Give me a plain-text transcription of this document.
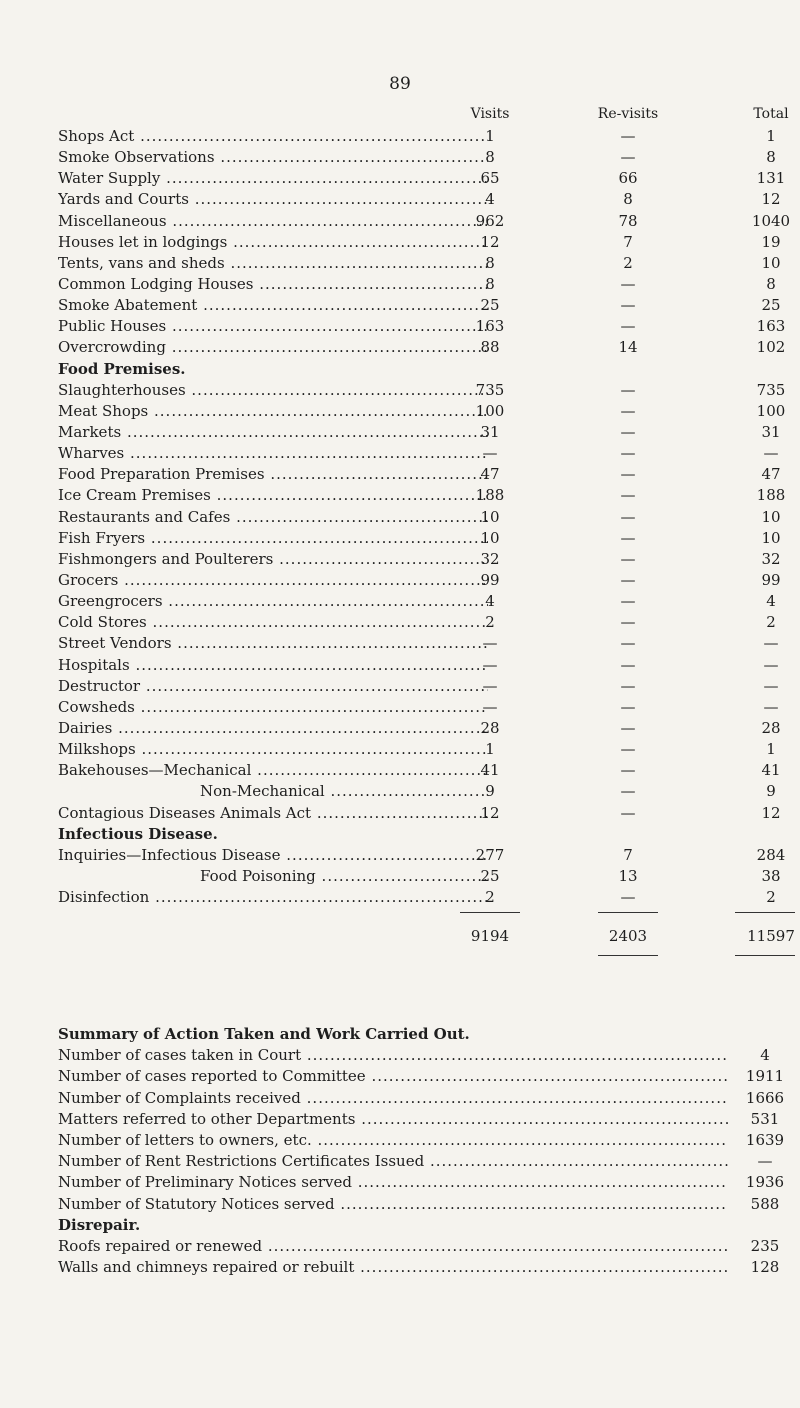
89
Visits	Re-visits	Total
Shops Act .....	1	—	1
Smoke Observations .....	8	—	8
Water Supply .....	65	66	131
Yards and Courts .....	4	8	12
Miscellaneous .....	962	78	1040
Houses let in lodgings .....	12	7	19
Tents, vans and sheds .....	8	2	10
Common Lodging Houses .....	8	—	8
Smoke Abatement .....	25	—	25
Public Houses .....	163	—	163
Overcrowding .....	88	14	102
Food Premises.
Slaughterhouses .....	735	—	735
Meat Shops .....	100	—	100
Markets .....	31	—	31
Wharves .....	—	—	—
Food Preparation Premises .....	47	—	47
Ice Cream Premises .....	188	—	188
Restaurants and Cafes .....	10	—	10
Fish Fryers .....	10	—	10
Fishmongers and Poulterers .....	32	—	32
Grocers .....	99	—	99
Greengrocers .....	4	—	4
Cold Stores .....	2	—	2
Street Vendors .....	—	—	—
Hospitals .....	—	—	—
Destructor .....	—	—	—
Cowsheds .....	—	—	—
Dairies .....	28	—	28
Milkshops .....	1	—	1
Bakehouses—Mechanical .....	41	—	41
Non-Mechanical .....	9	—	9
Contagious Diseases Animals Act .....	12	—	12
Infectious Disease.
Inquiries—Infectious Disease .....	277	7	284
Food Poisoning .....	25	13	38
Disinfection .....	2	—	2
9194	2403	11597
Summary of Action Taken and Work Carried Out.
Number of cases taken in Court .....	4
Number of cases reported to Committee .....	1911
Number of Complaints received .....	1666
Matters referred to other Departments .....	531
Number of letters to owners, etc. .....	1639
Number of Rent Restrictions Certificates Issued .....	—
Number of Preliminary Notices served .....	1936
Number of Statutory Notices served .....	588
Disrepair.
Roofs repaired or renewed .....	235
Walls and chimneys repaired or rebuilt .....	128
